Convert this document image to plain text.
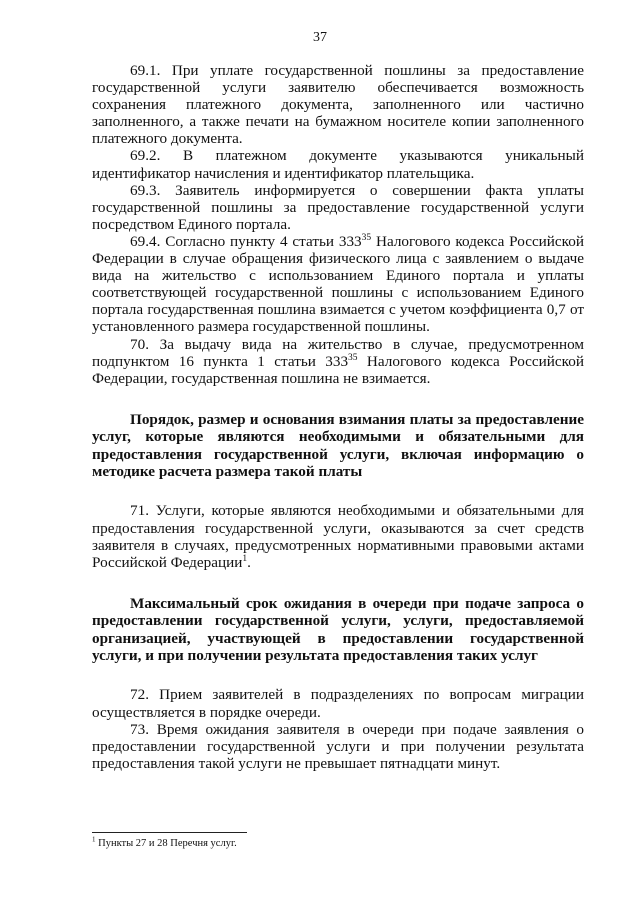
37

69.1. При уплате государственной пошлины за предоставление государственной услуги заявителю обеспечивается возможность сохранения платежного документа, заполненного или частично заполненного, а также печати на бумажном носителе копии заполненного платежного документа.

69.2. В платежном документе указываются уникальный идентификатор начисления и идентификатор плательщика.

69.3. Заявитель информируется о совершении факта уплаты государственной пошлины за предоставление государственной услуги посредством Единого портала.

69.4. Согласно пункту 4 статьи $333^{35}$ Налогового кодекса Российской Федерации в случае обращения физического лица с заявлением о выдаче вида на жительство с использованием Единого портала и уплаты соответствующей государственной пошлины с использованием Единого портала государственная пошлина взимается с учетом коэффициента 0,7 от установленного размера государственной пошлины.

70. За выдачу вида на жительство в случае, предусмотренном подпунктом 16 пункта 1 статьи $333^{35}$ Налогового кодекса Российской Федерации, государственная пошлина не взимается.

Порядок, размер и основания взимания платы за предоставление услуг, которые являются необходимыми и обязательными для предоставления государственной услуги, включая информацию о методике расчета размера такой платы

71. Услуги, которые являются необходимыми и обязательными для предоставления государственной услуги, оказываются за счет средств заявителя в случаях, предусмотренных нормативными правовыми актами Российской Федерации$^1$.

Максимальный срок ожидания в очереди при подаче запроса о предоставлении государственной услуги, услуги, предоставляемой организацией, участвующей в предоставлении государственной услуги, и при получении результата предоставления таких услуг

72. Прием заявителей в подразделениях по вопросам миграции осуществляется в порядке очереди.

73. Время ожидания заявителя в очереди при подаче заявления о предоставлении государственной услуги и при получении результата предоставления такой услуги не превышает пятнадцати минут.

$^1$ Пункты 27 и 28 Перечня услуг.
